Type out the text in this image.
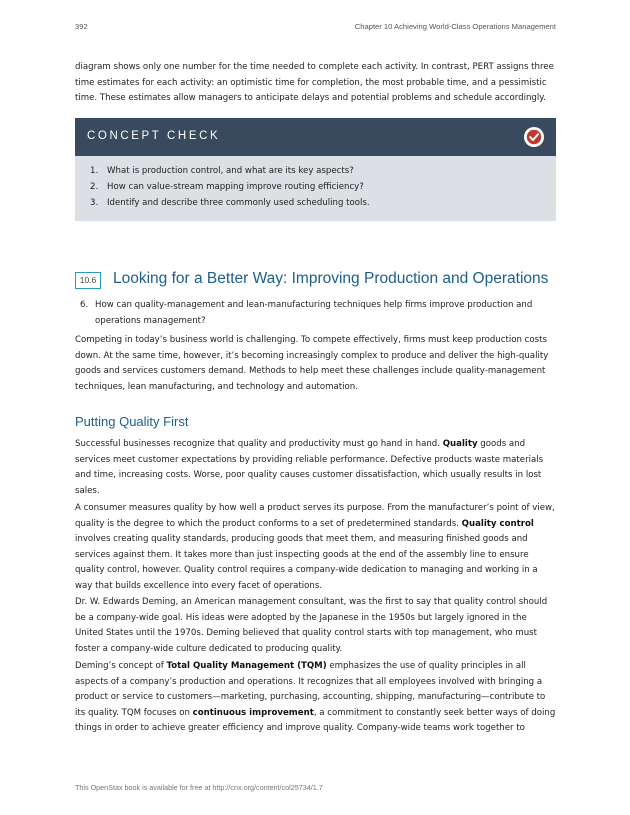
392	Chapter 10 Achieving World-Class Operations Management

diagram shows only one number for the time needed to complete each activity. In contrast, PERT assigns three time estimates for each activity: an optimistic time for completion, the most probable time, and a pessimistic time. These estimates allow managers to anticipate delays and potential problems and schedule accordingly.

CONCEPT CHECK
1. What is production control, and what are its key aspects?
2. How can value-stream mapping improve routing efficiency?
3. Identify and describe three commonly used scheduling tools.
10.6	Looking for a Better Way: Improving Production and Operations
6. How can quality-management and lean-manufacturing techniques help firms improve production and operations management?

Competing in today’s business world is challenging. To compete effectively, firms must keep production costs down. At the same time, however, it’s becoming increasingly complex to produce and deliver the high-quality goods and services customers demand. Methods to help meet these challenges include quality-management techniques, lean manufacturing, and technology and automation.

Putting Quality First

Successful businesses recognize that quality and productivity must go hand in hand. Quality goods and services meet customer expectations by providing reliable performance. Defective products waste materials and time, increasing costs. Worse, poor quality causes customer dissatisfaction, which usually results in lost sales.

A consumer measures quality by how well a product serves its purpose. From the manufacturer’s point of view, quality is the degree to which the product conforms to a set of predetermined standards. Quality control involves creating quality standards, producing goods that meet them, and measuring finished goods and services against them. It takes more than just inspecting goods at the end of the assembly line to ensure quality control, however. Quality control requires a company-wide dedication to managing and working in a way that builds excellence into every facet of operations.

Dr. W. Edwards Deming, an American management consultant, was the first to say that quality control should be a company-wide goal. His ideas were adopted by the Japanese in the 1950s but largely ignored in the United States until the 1970s. Deming believed that quality control starts with top management, who must foster a company-wide culture dedicated to producing quality.

Deming’s concept of Total Quality Management (TQM) emphasizes the use of quality principles in all aspects of a company’s production and operations. It recognizes that all employees involved with bringing a product or service to customers—marketing, purchasing, accounting, shipping, manufacturing—contribute to its quality. TQM focuses on continuous improvement, a commitment to constantly seek better ways of doing things in order to achieve greater efficiency and improve quality. Company-wide teams work together to

This OpenStax book is available for free at http://cnx.org/content/col25734/1.7
